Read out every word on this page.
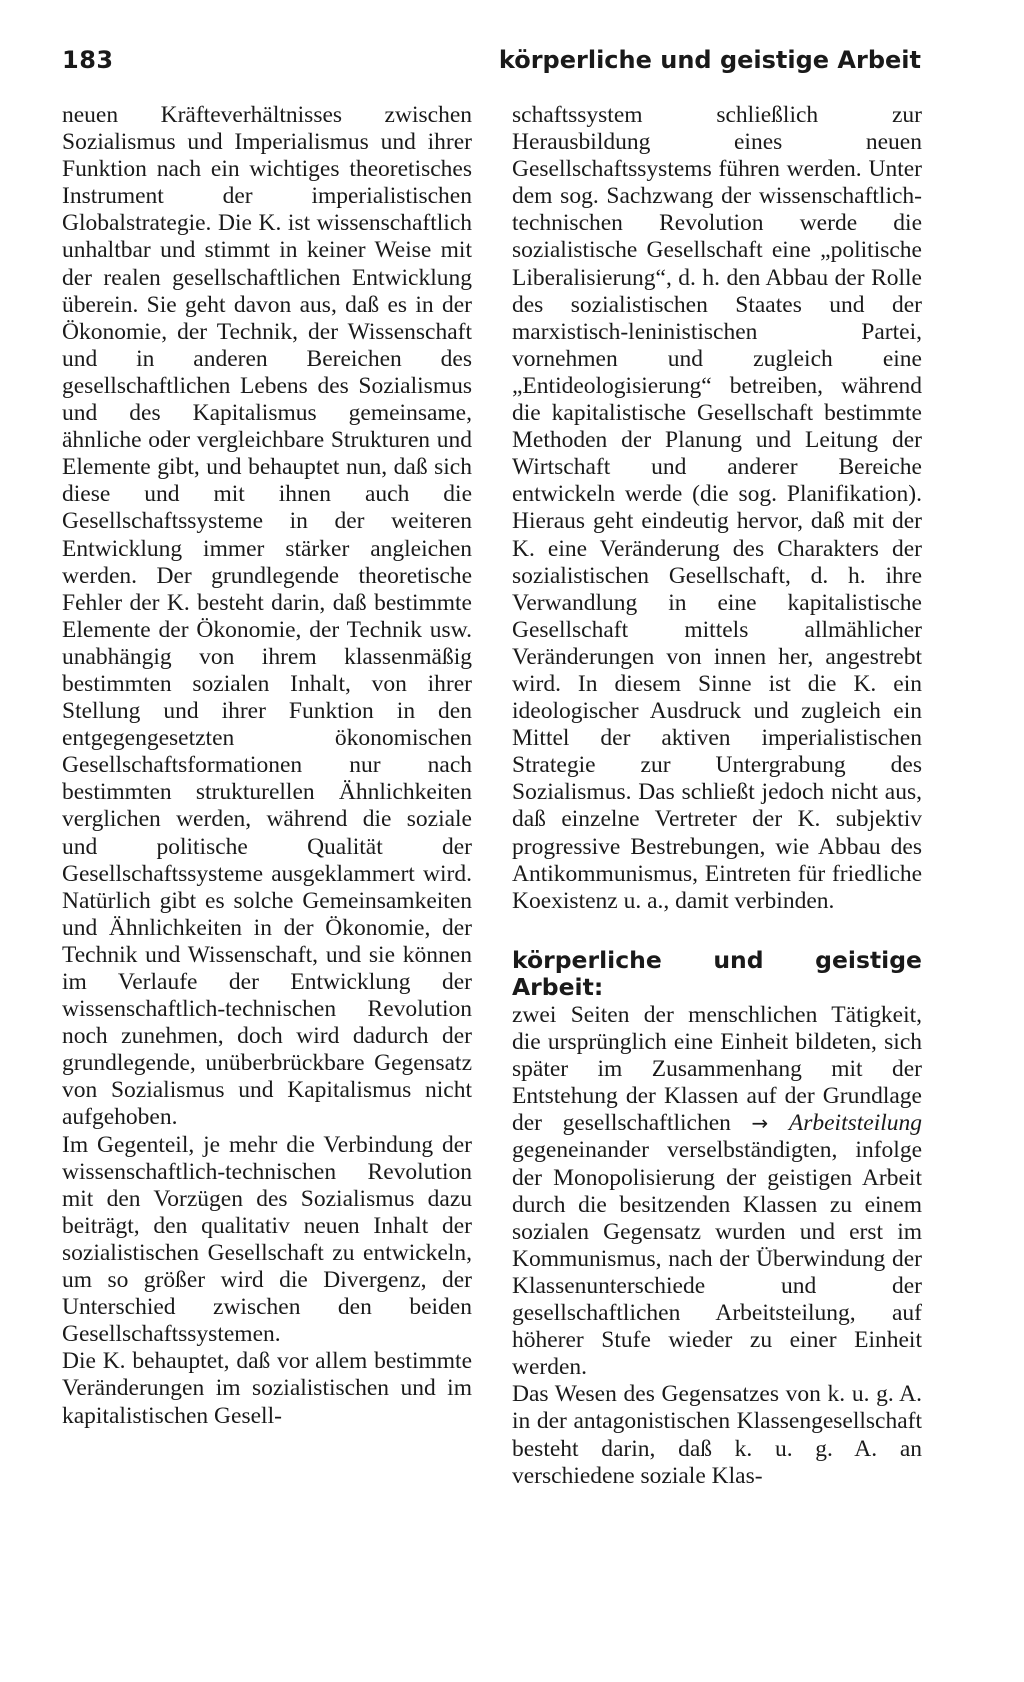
183	körperliche und geistige Arbeit

neuen Kräfteverhältnisses zwischen Sozialismus und Imperialismus und ihrer Funktion nach ein wichtiges theoretisches Instrument der imperialistischen Globalstrategie. Die K. ist wissenschaftlich unhaltbar und stimmt in keiner Weise mit der realen gesellschaftlichen Entwicklung überein. Sie geht davon aus, daß es in der Ökonomie, der Technik, der Wissenschaft und in anderen Bereichen des gesellschaftlichen Lebens des Sozialismus und des Kapitalismus gemeinsame, ähnliche oder vergleichbare Strukturen und Elemente gibt, und behauptet nun, daß sich diese und mit ihnen auch die Gesellschaftssysteme in der weiteren Entwicklung immer stärker angleichen werden. Der grundlegende theoretische Fehler der K. besteht darin, daß bestimmte Elemente der Ökonomie, der Technik usw. unabhängig von ihrem klassenmäßig bestimmten sozialen Inhalt, von ihrer Stellung und ihrer Funktion in den entgegengesetzten ökonomischen Gesellschaftsformationen nur nach bestimmten strukturellen Ähnlichkeiten verglichen werden, während die soziale und politische Qualität der Gesellschaftssysteme ausgeklammert wird. Natürlich gibt es solche Gemeinsamkeiten und Ähnlichkeiten in der Ökonomie, der Technik und Wissenschaft, und sie können im Verlaufe der Entwicklung der wissenschaftlich-technischen Revolution noch zunehmen, doch wird dadurch der grundlegende, unüberbrückbare Gegensatz von Sozialismus und Kapitalismus nicht aufgehoben.

Im Gegenteil, je mehr die Verbindung der wissenschaftlich-technischen Revolution mit den Vorzügen des Sozialismus dazu beiträgt, den qualitativ neuen Inhalt der sozialistischen Gesellschaft zu entwickeln, um so größer wird die Divergenz, der Unterschied zwischen den beiden Gesellschaftssystemen.

Die K. behauptet, daß vor allem bestimmte Veränderungen im sozialistischen und im kapitalistischen Gesell-

schaftssystem schließlich zur Herausbildung eines neuen Gesellschaftssystems führen werden. Unter dem sog. Sachzwang der wissenschaftlich-technischen Revolution werde die sozialistische Gesellschaft eine „politische Liberalisierung“, d. h. den Abbau der Rolle des sozialistischen Staates und der marxistisch-leninistischen Partei, vornehmen und zugleich eine „Entideologisierung“ betreiben, während die kapitalistische Gesellschaft bestimmte Methoden der Planung und Leitung der Wirtschaft und anderer Bereiche entwickeln werde (die sog. Planifikation). Hieraus geht eindeutig hervor, daß mit der K. eine Veränderung des Charakters der sozialistischen Gesellschaft, d. h. ihre Verwandlung in eine kapitalistische Gesellschaft mittels allmählicher Veränderungen von innen her, angestrebt wird. In diesem Sinne ist die K. ein ideologischer Ausdruck und zugleich ein Mittel der aktiven imperialistischen Strategie zur Untergrabung des Sozialismus. Das schließt jedoch nicht aus, daß einzelne Vertreter der K. subjektiv progressive Bestrebungen, wie Abbau des Antikommunismus, Eintreten für friedliche Koexistenz u. a., damit verbinden.

körperliche und geistige Arbeit:
zwei Seiten der menschlichen Tätigkeit, die ursprünglich eine Einheit bildeten, sich später im Zusammenhang mit der Entstehung der Klassen auf der Grundlage der gesellschaftlichen → Arbeitsteilung gegeneinander verselbständigten, infolge der Monopolisierung der geistigen Arbeit durch die besitzenden Klassen zu einem sozialen Gegensatz wurden und erst im Kommunismus, nach der Überwindung der Klassenunterschiede und der gesellschaftlichen Arbeitsteilung, auf höherer Stufe wieder zu einer Einheit werden.

Das Wesen des Gegensatzes von k. u. g. A. in der antagonistischen Klassengesellschaft besteht darin, daß k. u. g. A. an verschiedene soziale Klas-
